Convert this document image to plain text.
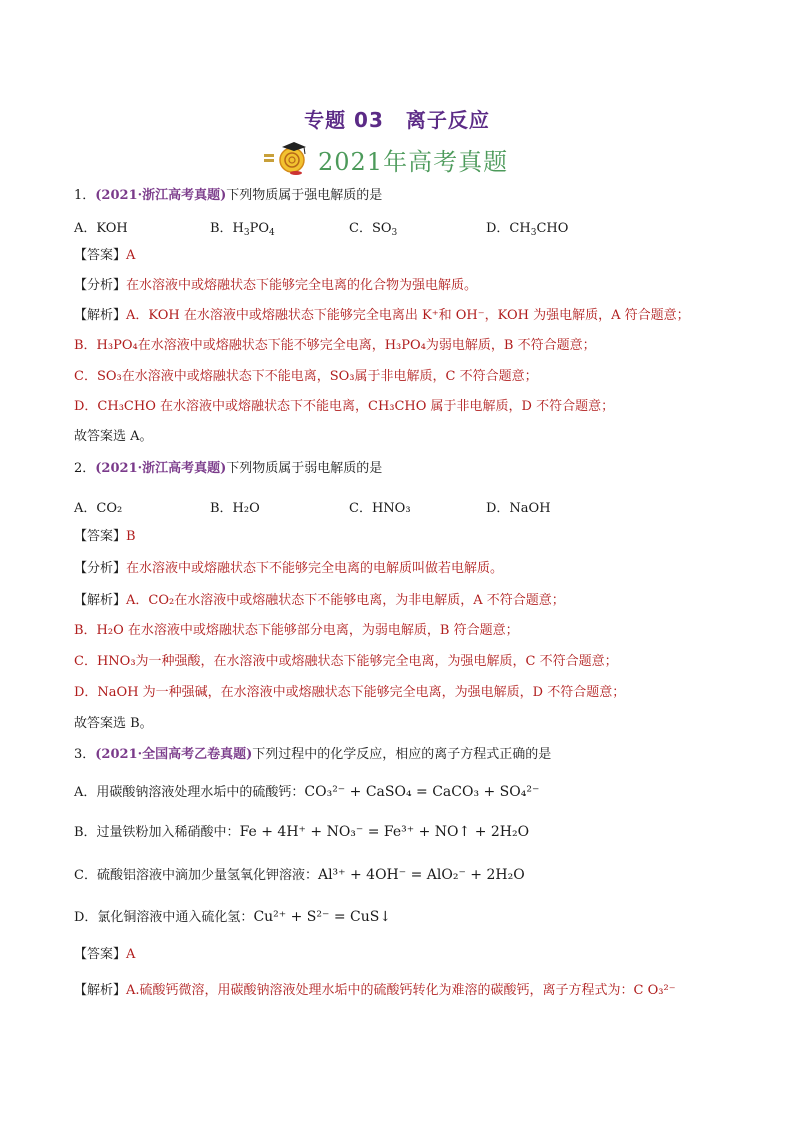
专题 03 离子反应
2021年高考真题
1．(2021·浙江高考真题)下列物质属于强电解质的是
A．KOH	B．$H_3PO_4$	C．$SO_3$	D．$CH_3CHO$
【答案】A
【分析】在水溶液中或熔融状态下能够完全电离的化合物为强电解质。
【解析】A．KOH 在水溶液中或熔融状态下能够完全电离出 K⁺和 OH⁻，KOH 为强电解质，A 符合题意；
B．H₃PO₄在水溶液中或熔融状态下能不够完全电离，H₃PO₄为弱电解质，B 不符合题意；
C．SO₃在水溶液中或熔融状态下不能电离，SO₃属于非电解质，C 不符合题意；
D．CH₃CHO 在水溶液中或熔融状态下不能电离，CH₃CHO 属于非电解质，D 不符合题意；
故答案选 A。
2．(2021·浙江高考真题)下列物质属于弱电解质的是
A．CO₂	B．H₂O	C．HNO₃	D．NaOH
【答案】B
【分析】在水溶液中或熔融状态下不能够完全电离的电解质叫做若电解质。
【解析】A．CO₂在水溶液中或熔融状态下不能够电离，为非电解质，A 不符合题意；
B．H₂O 在水溶液中或熔融状态下能够部分电离，为弱电解质，B 符合题意；
C．HNO₃为一种强酸，在水溶液中或熔融状态下能够完全电离，为强电解质，C 不符合题意；
D．NaOH 为一种强碱，在水溶液中或熔融状态下能够完全电离，为强电解质，D 不符合题意；
故答案选 B。
3．(2021·全国高考乙卷真题)下列过程中的化学反应，相应的离子方程式正确的是
A．用碳酸钠溶液处理水垢中的硫酸钙：CO₃²⁻ + CaSO₄ = CaCO₃ + SO₄²⁻
B．过量铁粉加入稀硝酸中：Fe + 4H⁺ + NO₃⁻ = Fe³⁺ + NO↑ + 2H₂O
C．硫酸铝溶液中滴加少量氢氧化钾溶液：Al³⁺ + 4OH⁻ = AlO₂⁻ + 2H₂O
D．氯化铜溶液中通入硫化氢：Cu²⁺ + S²⁻ = CuS↓
【答案】A
【解析】A.硫酸钙微溶，用碳酸钠溶液处理水垢中的硫酸钙转化为难溶的碳酸钙，离子方程式为：C O₃²⁻
